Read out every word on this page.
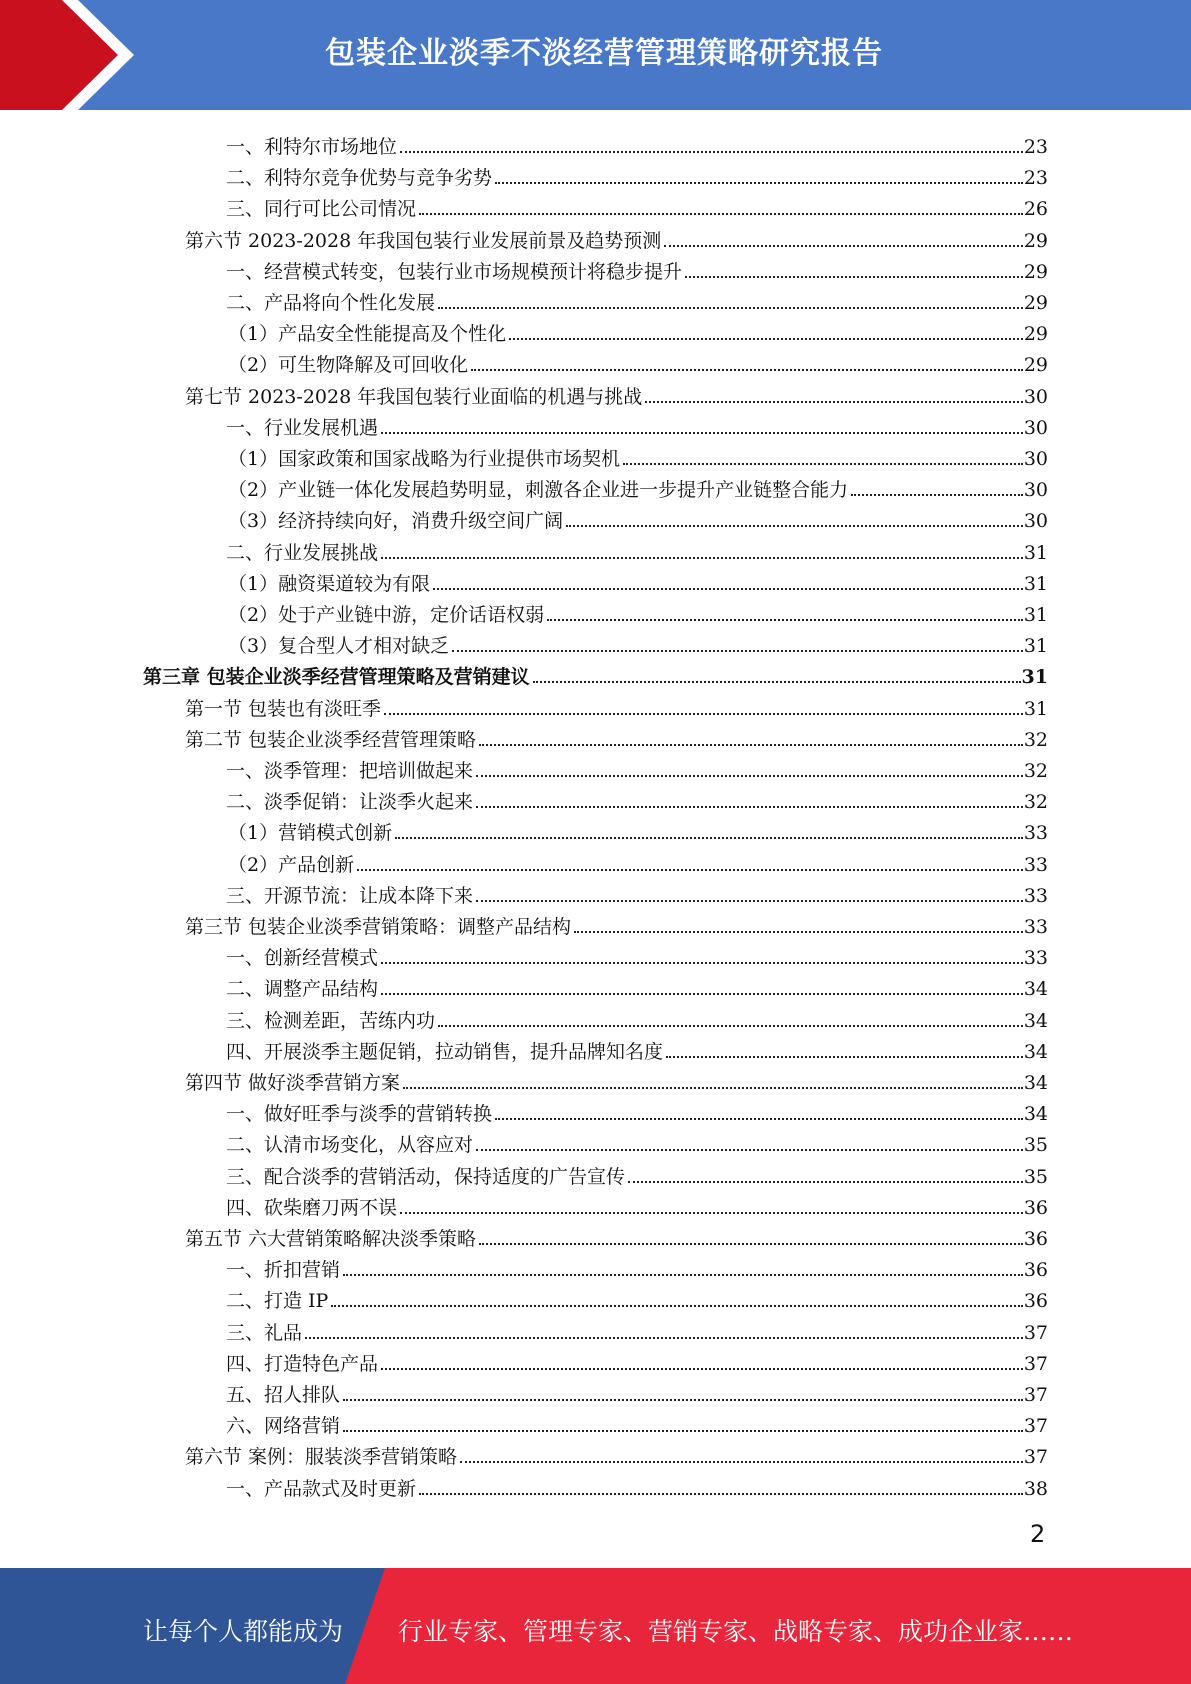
包装企业淡季不淡经营管理策略研究报告
一、利特尔市场地位	23
二、利特尔竞争优势与竞争劣势	23
三、同行可比公司情况	26
第六节 2023-2028 年我国包装行业发展前景及趋势预测	29
一、经营模式转变，包装行业市场规模预计将稳步提升	29
二、产品将向个性化发展	29
（1）产品安全性能提高及个性化	29
（2）可生物降解及可回收化	29
第七节 2023-2028 年我国包装行业面临的机遇与挑战	30
一、行业发展机遇	30
（1）国家政策和国家战略为行业提供市场契机	30
（2）产业链一体化发展趋势明显，刺激各企业进一步提升产业链整合能力	30
（3）经济持续向好，消费升级空间广阔	30
二、行业发展挑战	31
（1）融资渠道较为有限	31
（2）处于产业链中游，定价话语权弱	31
（3）复合型人才相对缺乏	31
第三章 包装企业淡季经营管理策略及营销建议	31
第一节 包装也有淡旺季	31
第二节 包装企业淡季经营管理策略	32
一、淡季管理：把培训做起来	32
二、淡季促销：让淡季火起来	32
（1）营销模式创新	33
（2）产品创新	33
三、开源节流：让成本降下来	33
第三节 包装企业淡季营销策略：调整产品结构	33
一、创新经营模式	33
二、调整产品结构	34
三、检测差距，苦练内功	34
四、开展淡季主题促销，拉动销售，提升品牌知名度	34
第四节 做好淡季营销方案	34
一、做好旺季与淡季的营销转换	34
二、认清市场变化，从容应对	35
三、配合淡季的营销活动，保持适度的广告宣传	35
四、砍柴磨刀两不误	36
第五节 六大营销策略解决淡季策略	36
一、折扣营销	36
二、打造 IP	36
三、礼品	37
四、打造特色产品	37
五、招人排队	37
六、网络营销	37
第六节 案例：服装淡季营销策略	37
一、产品款式及时更新	38
2
让每个人都能成为 行业专家、管理专家、营销专家、战略专家、成功企业家……
